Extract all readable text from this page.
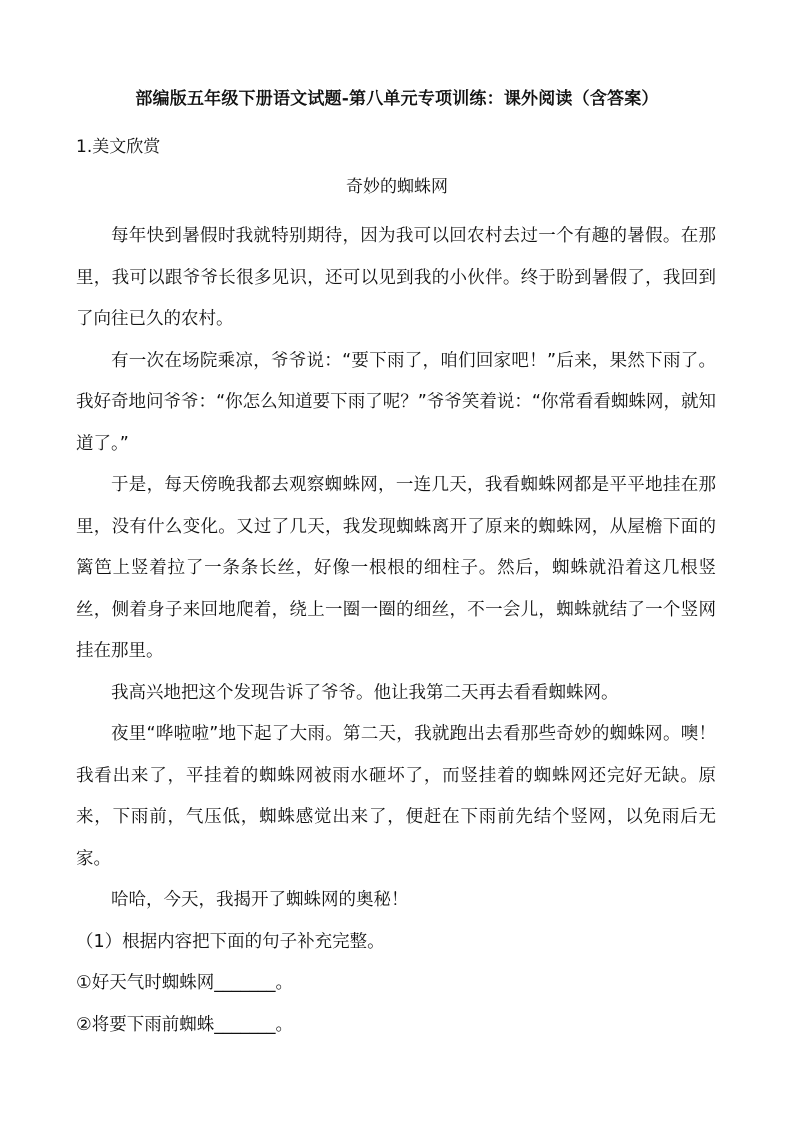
部编版五年级下册语文试题-第八单元专项训练：课外阅读（含答案）
1.美文欣赏
奇妙的蜘蛛网

每年快到暑假时我就特别期待，因为我可以回农村去过一个有趣的暑假。在那里，我可以跟爷爷长很多见识，还可以见到我的小伙伴。终于盼到暑假了，我回到了向往已久的农村。

有一次在场院乘凉，爷爷说：“要下雨了，咱们回家吧！”后来，果然下雨了。我好奇地问爷爷：“你怎么知道要下雨了呢？”爷爷笑着说：“你常看看蜘蛛网，就知道了。”

于是，每天傍晚我都去观察蜘蛛网，一连几天，我看蜘蛛网都是平平地挂在那里，没有什么变化。又过了几天，我发现蜘蛛离开了原来的蜘蛛网，从屋檐下面的篱笆上竖着拉了一条条长丝，好像一根根的细柱子。然后，蜘蛛就沿着这几根竖丝，侧着身子来回地爬着，绕上一圈一圈的细丝，不一会儿，蜘蛛就结了一个竖网挂在那里。

我高兴地把这个发现告诉了爷爷。他让我第二天再去看看蜘蛛网。

夜里“哗啦啦”地下起了大雨。第二天，我就跑出去看那些奇妙的蜘蛛网。噢！我看出来了，平挂着的蜘蛛网被雨水砸坏了，而竖挂着的蜘蛛网还完好无缺。原来，下雨前，气压低，蜘蛛感觉出来了，便赶在下雨前先结个竖网，以免雨后无家。

哈哈，今天，我揭开了蜘蛛网的奥秘！

（1）根据内容把下面的句子补充完整。

①好天气时蜘蛛网_______。

②将要下雨前蜘蛛_______。
